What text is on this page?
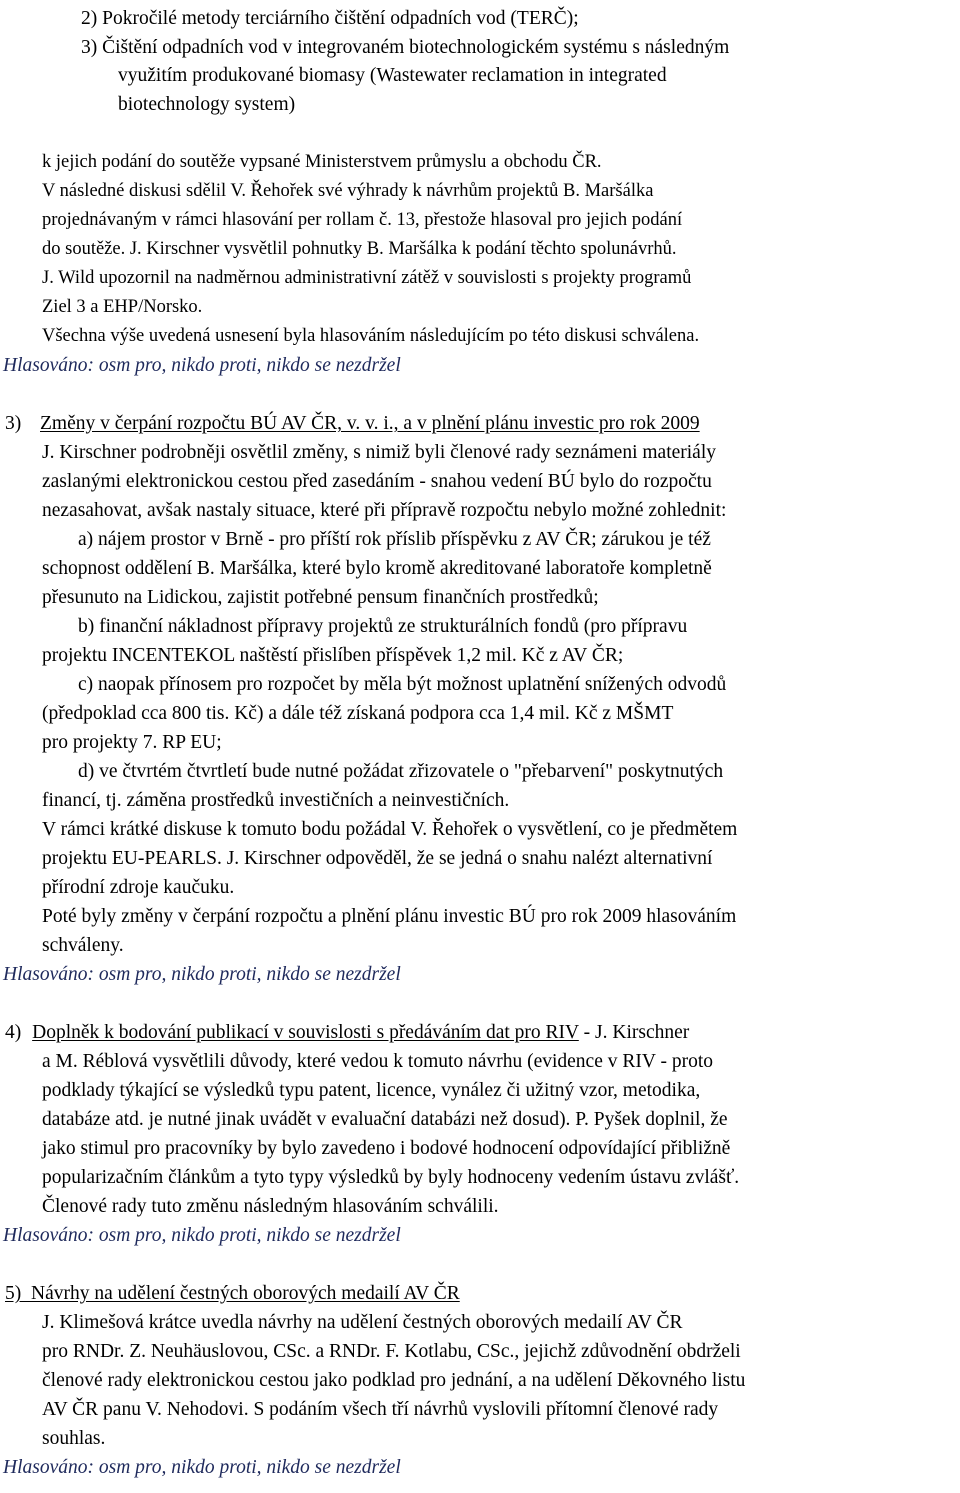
2) Pokročilé metody terciárního čištění odpadních vod (TERČ);
3) Čištění odpadních vod v integrovaném biotechnologickém systému s následným
využitím produkované biomasy (Wastewater reclamation in integrated
biotechnology system)
k jejich podání do soutěže vypsané Ministerstvem průmyslu a obchodu ČR.
V následné diskusi sdělil V. Řehořek své výhrady k návrhům projektů B. Maršálka
projednávaným v rámci hlasování per rollam č. 13, přestože hlasoval pro jejich podání
do soutěže. J. Kirschner vysvětlil pohnutky B. Maršálka k podání těchto spolunávrhů.
J. Wild upozornil na nadměrnou administrativní zátěž v souvislosti s projekty programů
Ziel 3 a EHP/Norsko.
Všechna výše uvedená usnesení byla hlasováním následujícím po této diskusi schválena.
Hlasováno: osm pro, nikdo proti, nikdo se nezdržel
3) Změny v čerpání rozpočtu BÚ AV ČR, v. v. i., a v plnění plánu investic pro rok 2009
J. Kirschner podrobněji osvětlil změny, s nimiž byli členové rady seznámeni materiály
zaslanými elektronickou cestou před zasedáním - snahou vedení BÚ bylo do rozpočtu
nezasahovat, avšak nastaly situace, které při přípravě rozpočtu nebylo možné zohlednit:
a) nájem prostor v Brně - pro příští rok příslib příspěvku z AV ČR; zárukou je též
schopnost oddělení B. Maršálka, které bylo kromě akreditované laboratoře kompletně
přesunuto na Lidickou, zajistit potřebné pensum finančních prostředků;
b) finanční nákladnost přípravy projektů ze strukturálních fondů (pro přípravu
projektu INCENTEKOL naštěstí přislíben příspěvek 1,2 mil. Kč z AV ČR;
c) naopak přínosem pro rozpočet by měla být možnost uplatnění snížených odvodů
(předpoklad cca 800 tis. Kč) a dále též získaná podpora cca 1,4 mil. Kč z MŠMT
pro projekty 7. RP EU;
d) ve čtvrtém čtvrtletí bude nutné požádat zřizovatele o "přebarvení" poskytnutých
financí, tj. záměna prostředků investičních a neinvestičních.
V rámci krátké diskuse k tomuto bodu požádal V. Řehořek o vysvětlení, co je předmětem
projektu EU-PEARLS. J. Kirschner odpověděl, že se jedná o snahu nalézt alternativní
přírodní zdroje kaučuku.
Poté byly změny v čerpání rozpočtu a plnění plánu investic BÚ pro rok 2009 hlasováním
schváleny.
Hlasováno: osm pro, nikdo proti, nikdo se nezdržel
4) Doplněk k bodování publikací v souvislosti s předáváním dat pro RIV - J. Kirschner
a M. Réblová vysvětlili důvody, které vedou k tomuto návrhu (evidence v RIV - proto
podklady týkající se výsledků typu patent, licence, vynález či užitný vzor, metodika,
databáze atd. je nutné jinak uvádět v evaluační databázi než dosud). P. Pyšek doplnil, že
jako stimul pro pracovníky by bylo zavedeno i bodové hodnocení odpovídající přibližně
popularizačním článkům a tyto typy výsledků by byly hodnoceny vedením ústavu zvlášť.
Členové rady tuto změnu následným hlasováním schválili.
Hlasováno: osm pro, nikdo proti, nikdo se nezdržel
5)  Návrhy na udělení čestných oborových medailí AV ČR
J. Klimešová krátce uvedla návrhy na udělení čestných oborových medailí AV ČR
pro RNDr. Z. Neuhäuslovou, CSc. a RNDr. F. Kotlabu, CSc., jejichž zdůvodnění obdrželi
členové rady elektronickou cestou jako podklad pro jednání, a na udělení Děkovného listu
AV ČR panu V. Nehodovi. S podáním všech tří návrhů vyslovili přítomní členové rady
souhlas.
Hlasováno: osm pro, nikdo proti, nikdo se nezdržel
